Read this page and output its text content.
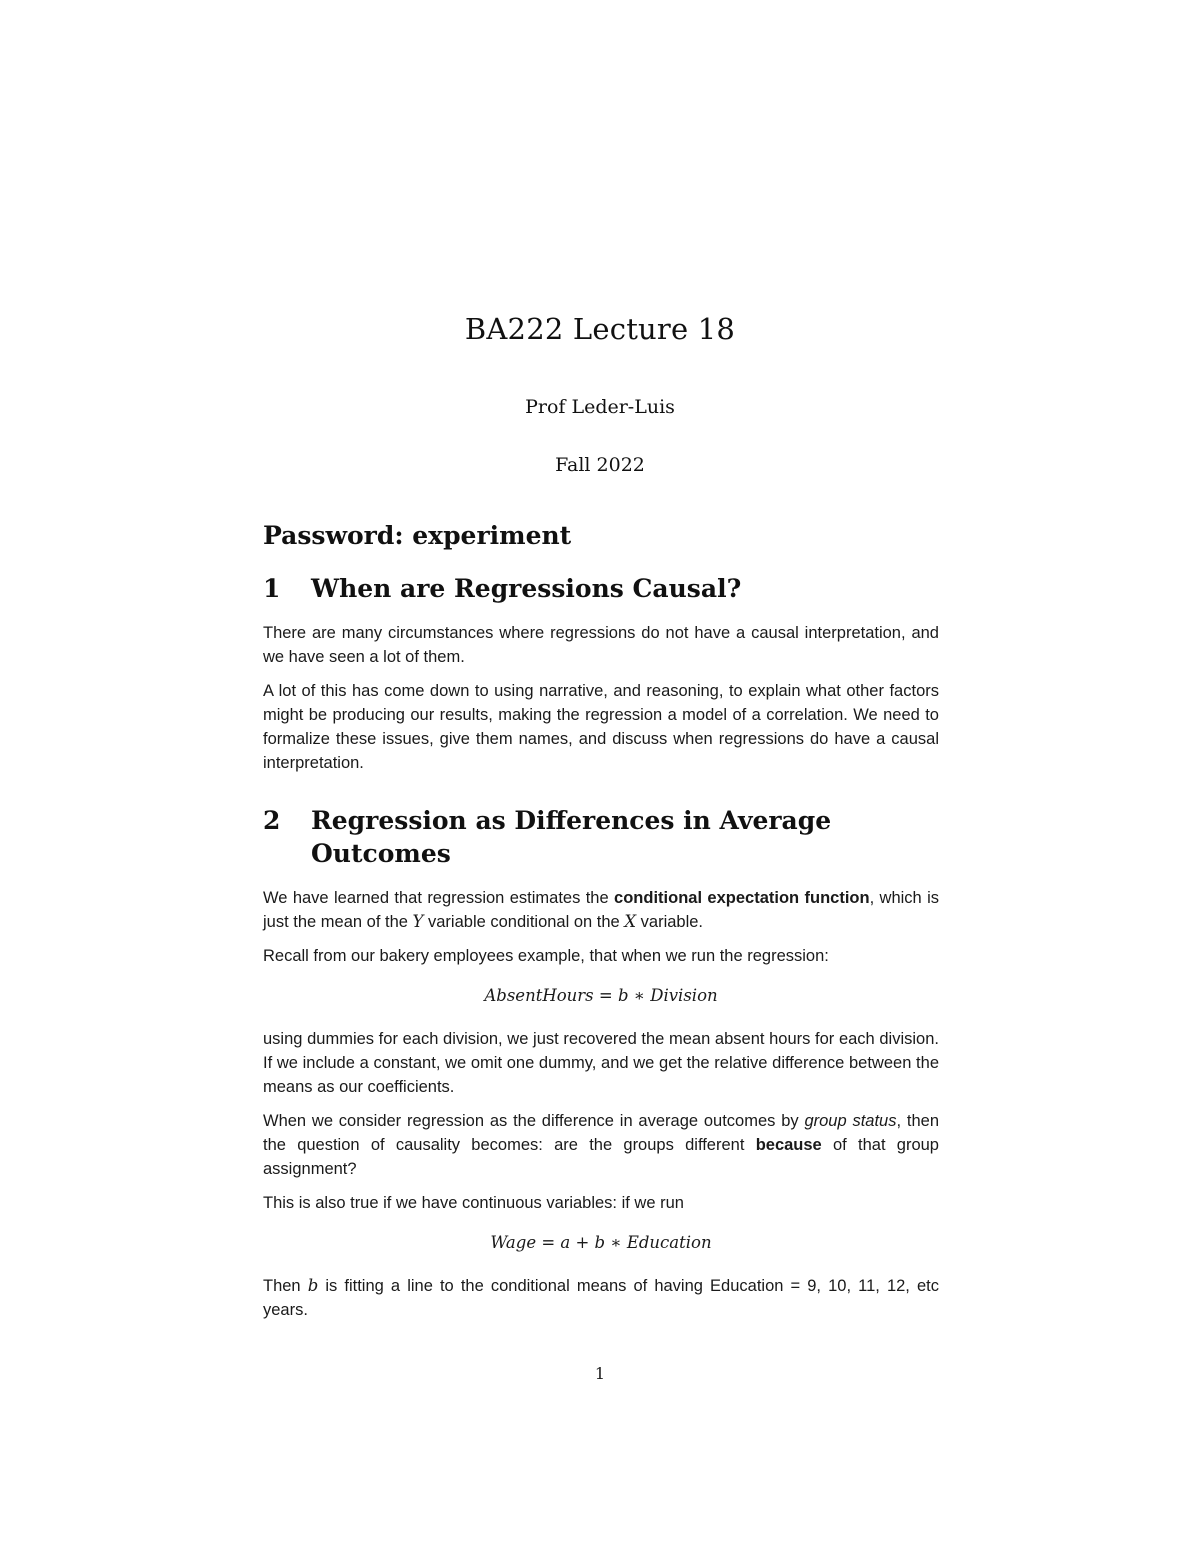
BA222 Lecture 18
Prof Leder-Luis
Fall 2022
Password: experiment
1	When are Regressions Causal?

There are many circumstances where regressions do not have a causal interpretation, and we have seen a lot of them.

A lot of this has come down to using narrative, and reasoning, to explain what other factors might be producing our results, making the regression a model of a correlation. We need to formalize these issues, give them names, and discuss when regressions do have a causal interpretation.

2	Regression as Differences in Average Outcomes

We have learned that regression estimates the conditional expectation function, which is just the mean of the Y variable conditional on the X variable.

Recall from our bakery employees example, that when we run the regression:

AbsentHours = b ∗ Division

using dummies for each division, we just recovered the mean absent hours for each division. If we include a constant, we omit one dummy, and we get the relative difference between the means as our coefficients.

When we consider regression as the difference in average outcomes by group status, then the question of causality becomes: are the groups different because of that group assignment?

This is also true if we have continuous variables: if we run

Wage = a + b ∗ Education

Then b is fitting a line to the conditional means of having Education = 9, 10, 11, 12, etc years.

1
